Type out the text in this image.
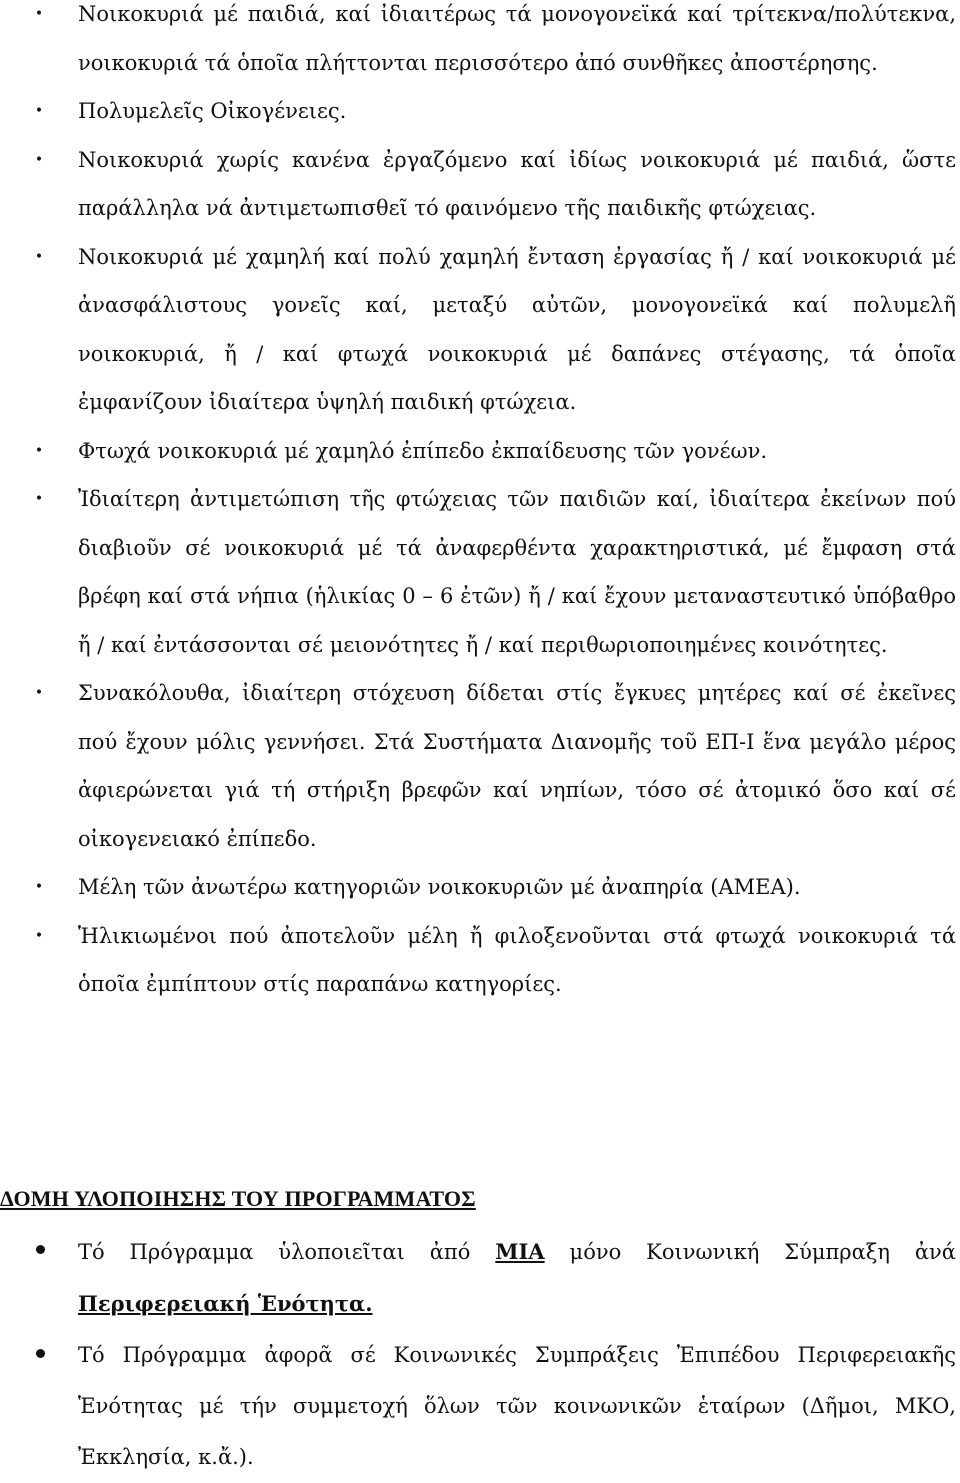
• Νοικοκυριά μέ παιδιά, καί ἰδιαιτέρως τά μονογονεϊκά καί τρίτεκνα/πολύτεκνα, νοικοκυριά τά ὁποῖα πλήττονται περισσότερο ἀπό συνθῆκες ἀποστέρησης.
• Πολυμελεῖς Οἰκογένειες.
• Νοικοκυριά χωρίς κανένα ἐργαζόμενο καί ἰδίως νοικοκυριά μέ παιδιά, ὥστε παράλληλα νά ἀντιμετωπισθεῖ τό φαινόμενο τῆς παιδικῆς φτώχειας.
• Νοικοκυριά μέ χαμηλή καί πολύ χαμηλή ἔνταση ἐργασίας ἤ / καί νοικοκυριά μέ ἀνασφάλιστους γονεῖς καί, μεταξύ αὐτῶν, μονογονεϊκά καί πολυμελῆ νοικοκυριά, ἤ / καί φτωχά νοικοκυριά μέ δαπάνες στέγασης, τά ὁποῖα ἐμφανίζουν ἰδιαίτερα ὑψηλή παιδική φτώχεια.
• Φτωχά νοικοκυριά μέ χαμηλό ἐπίπεδο ἐκπαίδευσης τῶν γονέων.
• Ἰδιαίτερη ἀντιμετώπιση τῆς φτώχειας τῶν παιδιῶν καί, ἰδιαίτερα ἐκείνων πού διαβιοῦν σέ νοικοκυριά μέ τά ἀναφερθέντα χαρακτηριστικά, μέ ἔμφαση στά βρέφη καί στά νήπια (ἡλικίας 0 – 6 ἐτῶν) ἤ / καί ἔχουν μεταναστευτικό ὑπόβαθρο ἤ / καί ἐντάσσονται σέ μειονότητες ἤ / καί περιθωριοποιημένες κοινότητες.
• Συνακόλουθα, ἰδιαίτερη στόχευση δίδεται στίς ἔγκυες μητέρες καί σέ ἐκεῖνες πού ἔχουν μόλις γεννήσει. Στά Συστήματα Διανομῆς τοῦ ΕΠ-Ι ἕνα μεγάλο μέρος ἀφιερώνεται γιά τή στήριξη βρεφῶν καί νηπίων, τόσο σέ ἀτομικό ὅσο καί σέ οἰκογενειακό ἐπίπεδο.
• Μέλη τῶν ἀνωτέρω κατηγοριῶν νοικοκυριῶν μέ ἀναπηρία (ΑΜΕΑ).
• Ἡλικιωμένοι πού ἀποτελοῦν μέλη ἤ φιλοξενοῦνται στά φτωχά νοικοκυριά τά ὁποῖα ἐμπίπτουν στίς παραπάνω κατηγορίες.
ΔΟΜΗ ΥΛΟΠΟΙΗΣΗΣ ΤΟΥ ΠΡΟΓΡΑΜΜΑΤΟΣ
Τό Πρόγραμμα ὑλοποιεῖται ἀπό ΜΙΑ μόνο Κοινωνική Σύμπραξη ἀνά Περιφερειακή Ἑνότητα.
Τό Πρόγραμμα ἀφορᾶ σέ Κοινωνικές Συμπράξεις Ἐπιπέδου Περιφερειακῆς Ἑνότητας μέ τήν συμμετοχή ὅλων τῶν κοινωνικῶν ἑταίρων (Δῆμοι, ΜΚΟ, Ἐκκλησία, κ.ἄ.).
